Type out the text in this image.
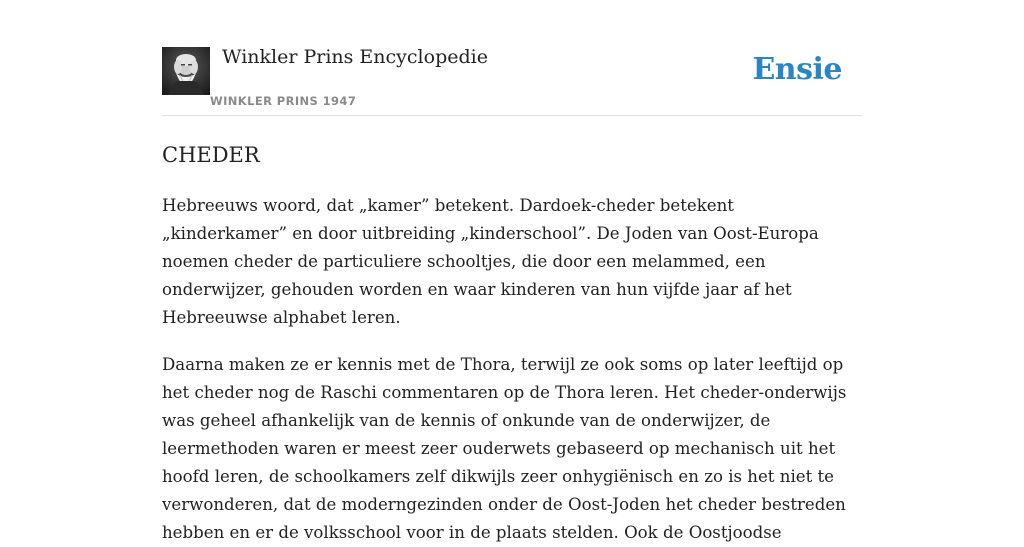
Winkler Prins Encyclopedie
WINKLER PRINS 1947
Ensie
CHEDER

Hebreeuws woord, dat „kamer” betekent. Dardoek-cheder betekent „kinderkamer” en door uitbreiding „kinderschool”. De Joden van Oost-Europa noemen cheder de particuliere schooltjes, die door een melammed, een onderwijzer, gehouden worden en waar kinderen van hun vijfde jaar af het Hebreeuwse alphabet leren.

Daarna maken ze er kennis met de Thora, terwijl ze ook soms op later leeftijd op het cheder nog de Raschi commentaren op de Thora leren. Het cheder-onderwijs was geheel afhankelijk van de kennis of onkunde van de onderwijzer, de leermethoden waren er meest zeer ouderwets gebaseerd op mechanisch uit het hoofd leren, de schoolkamers zelf dikwijls zeer onhygiënisch en zo is het niet te verwonderen, dat de moderngezinden onder de Oost-Joden het cheder bestreden hebben en er de volksschool voor in de plaats stelden. Ook de Oostjoodse
